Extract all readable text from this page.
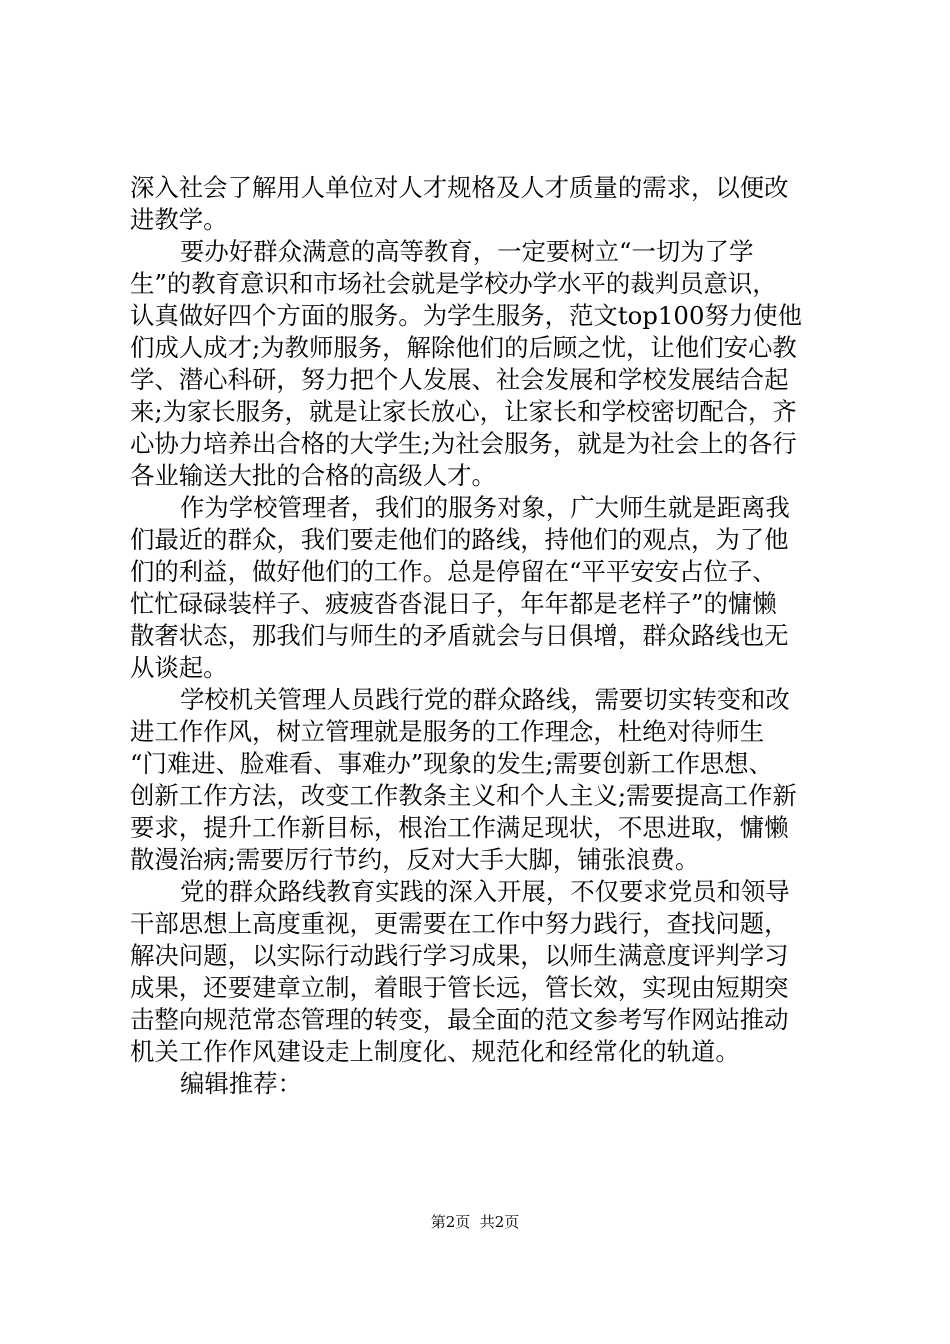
深入社会了解用人单位对人才规格及人才质量的需求，以便改
进教学。
要办好群众满意的高等教育，一定要树立“一切为了学
生”的教育意识和市场社会就是学校办学水平的裁判员意识，
认真做好四个方面的服务。为学生服务，范文top100努力使他
们成人成才;为教师服务，解除他们的后顾之忧，让他们安心教
学、潜心科研，努力把个人发展、社会发展和学校发展结合起
来;为家长服务，就是让家长放心，让家长和学校密切配合，齐
心协力培养出合格的大学生;为社会服务，就是为社会上的各行
各业输送大批的合格的高级人才。
作为学校管理者，我们的服务对象，广大师生就是距离我
们最近的群众，我们要走他们的路线，持他们的观点，为了他
们的利益，做好他们的工作。总是停留在“平平安安占位子、
忙忙碌碌装样子、疲疲沓沓混日子，年年都是老样子”的慵懒
散奢状态，那我们与师生的矛盾就会与日俱增，群众路线也无
从谈起。
学校机关管理人员践行党的群众路线，需要切实转变和改
进工作作风，树立管理就是服务的工作理念，杜绝对待师生
“门难进、脸难看、事难办”现象的发生;需要创新工作思想、
创新工作方法，改变工作教条主义和个人主义;需要提高工作新
要求，提升工作新目标，根治工作满足现状，不思进取，慵懒
散漫治病;需要厉行节约，反对大手大脚，铺张浪费。
党的群众路线教育实践的深入开展，不仅要求党员和领导
干部思想上高度重视，更需要在工作中努力践行，查找问题，
解决问题，以实际行动践行学习成果，以师生满意度评判学习
成果，还要建章立制，着眼于管长远，管长效，实现由短期突
击整向规范常态管理的转变，最全面的范文参考写作网站推动
机关工作作风建设走上制度化、规范化和经常化的轨道。
编辑推荐：
第2页  共2页
